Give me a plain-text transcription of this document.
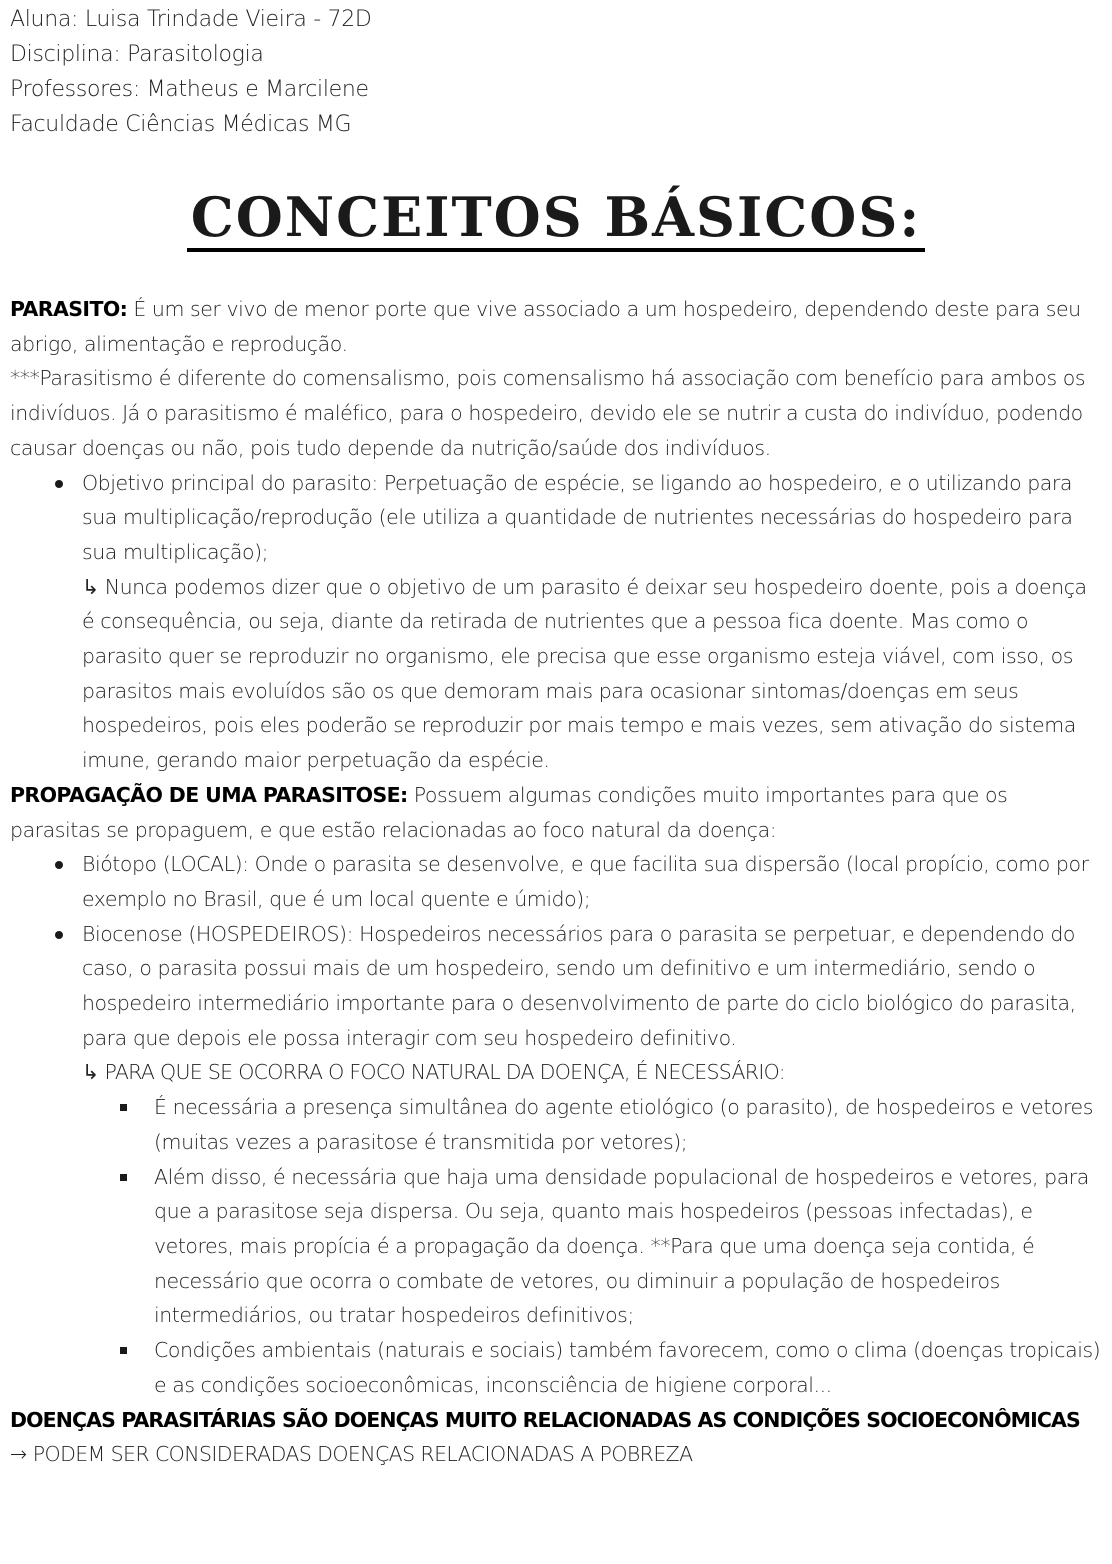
Aluna: Luisa Trindade Vieira - 72D
Disciplina: Parasitologia
Professores: Matheus e Marcilene
Faculdade Ciências Médicas MG
CONCEITOS BÁSICOS:

PARASITO: É um ser vivo de menor porte que vive associado a um hospedeiro, dependendo deste para seu abrigo, alimentação e reprodução.

***Parasitismo é diferente do comensalismo, pois comensalismo há associação com benefício para ambos os indivíduos. Já o parasitismo é maléfico, para o hospedeiro, devido ele se nutrir a custa do indivíduo, podendo causar doenças ou não, pois tudo depende da nutrição/saúde dos indivíduos.

Objetivo principal do parasito: Perpetuação de espécie, se ligando ao hospedeiro, e o utilizando para sua multiplicação/reprodução (ele utiliza a quantidade de nutrientes necessárias do hospedeiro para sua multiplicação);
↳ Nunca podemos dizer que o objetivo de um parasito é deixar seu hospedeiro doente, pois a doença é consequência, ou seja, diante da retirada de nutrientes que a pessoa fica doente. Mas como o parasito quer se reproduzir no organismo, ele precisa que esse organismo esteja viável, com isso, os parasitos mais evoluídos são os que demoram mais para ocasionar sintomas/doenças em seus hospedeiros, pois eles poderão se reproduzir por mais tempo e mais vezes, sem ativação do sistema imune, gerando maior perpetuação da espécie.

PROPAGAÇÃO DE UMA PARASITOSE: Possuem algumas condições muito importantes para que os parasitas se propaguem, e que estão relacionadas ao foco natural da doença:

Biótopo (LOCAL): Onde o parasita se desenvolve, e que facilita sua dispersão (local propício, como por exemplo no Brasil, que é um local quente e úmido);
Biocenose (HOSPEDEIROS): Hospedeiros necessários para o parasita se perpetuar, e dependendo do caso, o parasita possui mais de um hospedeiro, sendo um definitivo e um intermediário, sendo o hospedeiro intermediário importante para o desenvolvimento de parte do ciclo biológico do parasita, para que depois ele possa interagir com seu hospedeiro definitivo.
↳ PARA QUE SE OCORRA O FOCO NATURAL DA DOENÇA, É NECESSÁRIO:
É necessária a presença simultânea do agente etiológico (o parasito), de hospedeiros e vetores (muitas vezes a parasitose é transmitida por vetores);
Além disso, é necessária que haja uma densidade populacional de hospedeiros e vetores, para que a parasitose seja dispersa. Ou seja, quanto mais hospedeiros (pessoas infectadas), e vetores, mais propícia é a propagação da doença. **Para que uma doença seja contida, é necessário que ocorra o combate de vetores, ou diminuir a população de hospedeiros intermediários, ou tratar hospedeiros definitivos;
Condições ambientais (naturais e sociais) também favorecem, como o clima (doenças tropicais) e as condições socioeconômicas, inconsciência de higiene corporal...

DOENÇAS PARASITÁRIAS SÃO DOENÇAS MUITO RELACIONADAS AS CONDIÇÕES SOCIOECONÔMICAS → PODEM SER CONSIDERADAS DOENÇAS RELACIONADAS A POBREZA
